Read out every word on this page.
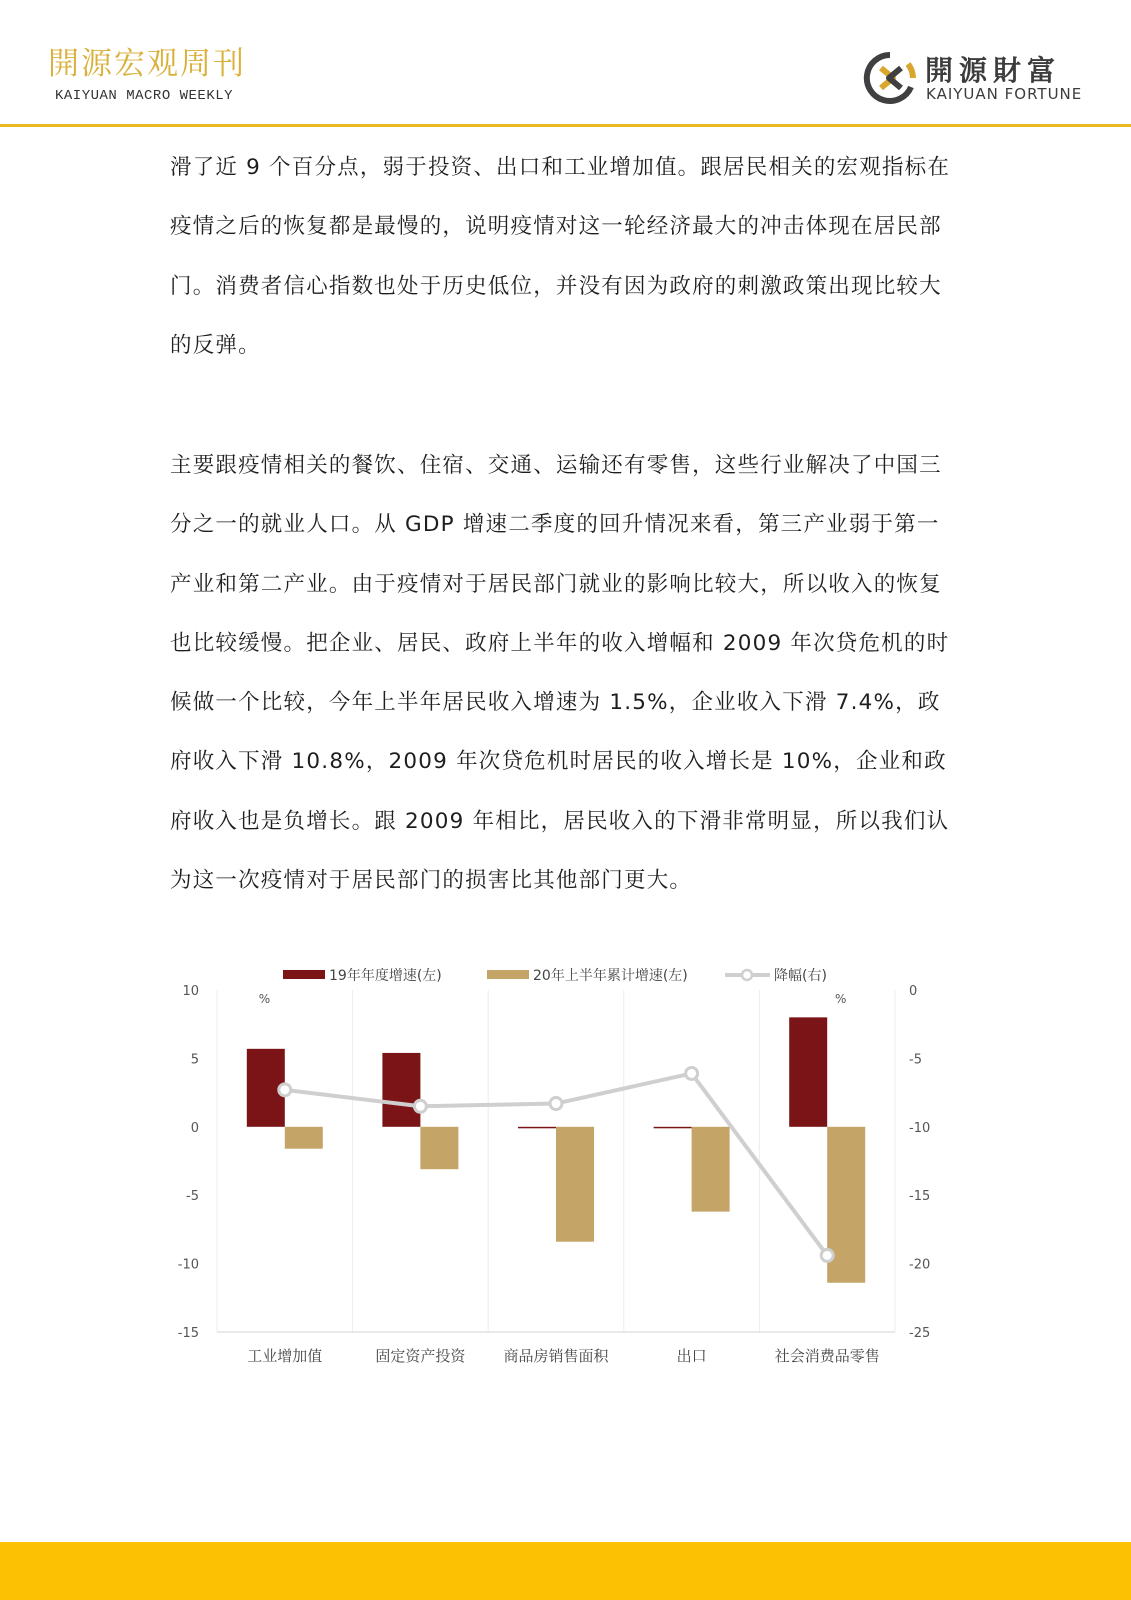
開源宏观周刊
KAIYUAN MACRO WEEKLY
開源財富
KAIYUAN FORTUNE

滑了近 9 个百分点，弱于投资、出口和工业增加值。跟居民相关的宏观指标在疫情之后的恢复都是最慢的，说明疫情对这一轮经济最大的冲击体现在居民部门。消费者信心指数也处于历史低位，并没有因为政府的刺激政策出现比较大的反弹。

主要跟疫情相关的餐饮、住宿、交通、运输还有零售，这些行业解决了中国三分之一的就业人口。从 GDP 增速二季度的回升情况来看，第三产业弱于第一产业和第二产业。由于疫情对于居民部门就业的影响比较大，所以收入的恢复也比较缓慢。把企业、居民、政府上半年的收入增幅和 2009 年次贷危机的时候做一个比较，今年上半年居民收入增速为 1.5%，企业收入下滑 7.4%，政府收入下滑 10.8%，2009 年次贷危机时居民的收入增长是 10%，企业和政府收入也是负增长。跟 2009 年相比，居民收入的下滑非常明显，所以我们认为这一次疫情对于居民部门的损害比其他部门更大。

10
5
0
-5
-10
-15
0
-5
-10
-15
-20
-25
%	%
工业增加值	固定资产投资	商品房销售面积	出口	社会消费品零售
19年年度增速(左)	20年上半年累计增速(左)	降幅(右)
